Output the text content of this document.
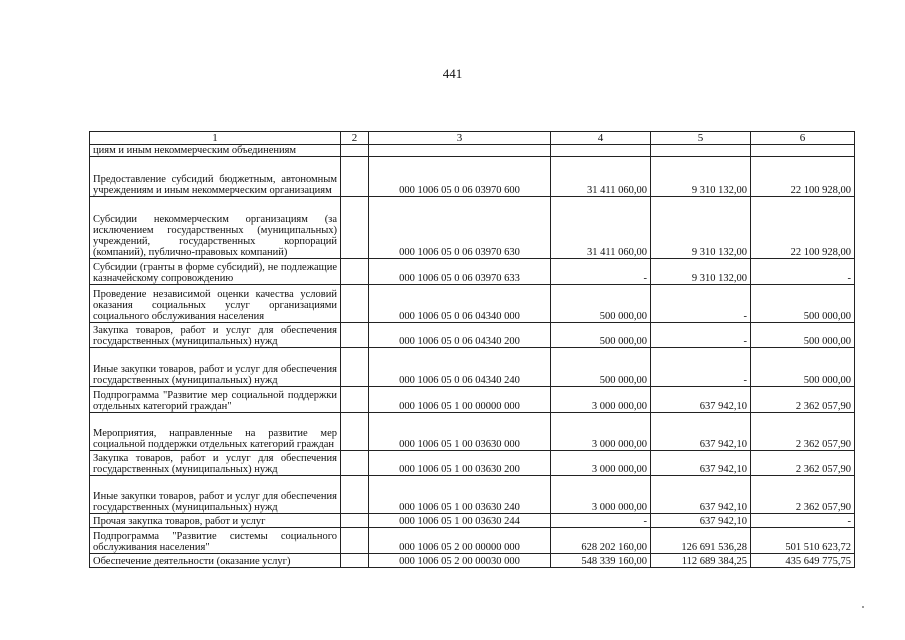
441
1	2	3	4	5	6
циям и иным некоммерческим объединениям					
Предоставление субсидий бюджетным, автономным учреждениям и иным некоммерческим организациям		000 1006 05 0 06 03970 600	31 411 060,00	9 310 132,00	22 100 928,00
Субсидии некоммерческим организациям (за исключением государственных (муниципальных) учреждений, государственных корпораций (компаний), публично-правовых компаний)		000 1006 05 0 06 03970 630	31 411 060,00	9 310 132,00	22 100 928,00
Субсидии (гранты в форме субсидий), не подлежащие казначейскому сопровождению		000 1006 05 0 06 03970 633	-	9 310 132,00	-
Проведение независимой оценки качества условий оказания социальных услуг организациями социального обслуживания населения		000 1006 05 0 06 04340 000	500 000,00	-	500 000,00
Закупка товаров, работ и услуг для обеспечения государственных (муниципальных) нужд		000 1006 05 0 06 04340 200	500 000,00	-	500 000,00
Иные закупки товаров, работ и услуг для обеспечения государственных (муниципальных) нужд		000 1006 05 0 06 04340 240	500 000,00	-	500 000,00
Подпрограмма "Развитие мер социальной поддержки отдельных категорий граждан"		000 1006 05 1 00 00000 000	3 000 000,00	637 942,10	2 362 057,90
Мероприятия, направленные на развитие мер социальной поддержки отдельных категорий граждан		000 1006 05 1 00 03630 000	3 000 000,00	637 942,10	2 362 057,90
Закупка товаров, работ и услуг для обеспечения государственных (муниципальных) нужд		000 1006 05 1 00 03630 200	3 000 000,00	637 942,10	2 362 057,90
Иные закупки товаров, работ и услуг для обеспечения государственных (муниципальных) нужд		000 1006 05 1 00 03630 240	3 000 000,00	637 942,10	2 362 057,90
Прочая закупка товаров, работ и услуг		000 1006 05 1 00 03630 244	-	637 942,10	-
Подпрограмма "Развитие системы социального обслуживания населения"		000 1006 05 2 00 00000 000	628 202 160,00	126 691 536,28	501 510 623,72
Обеспечение деятельности (оказание услуг)		000 1006 05 2 00 00030 000	548 339 160,00	112 689 384,25	435 649 775,75
